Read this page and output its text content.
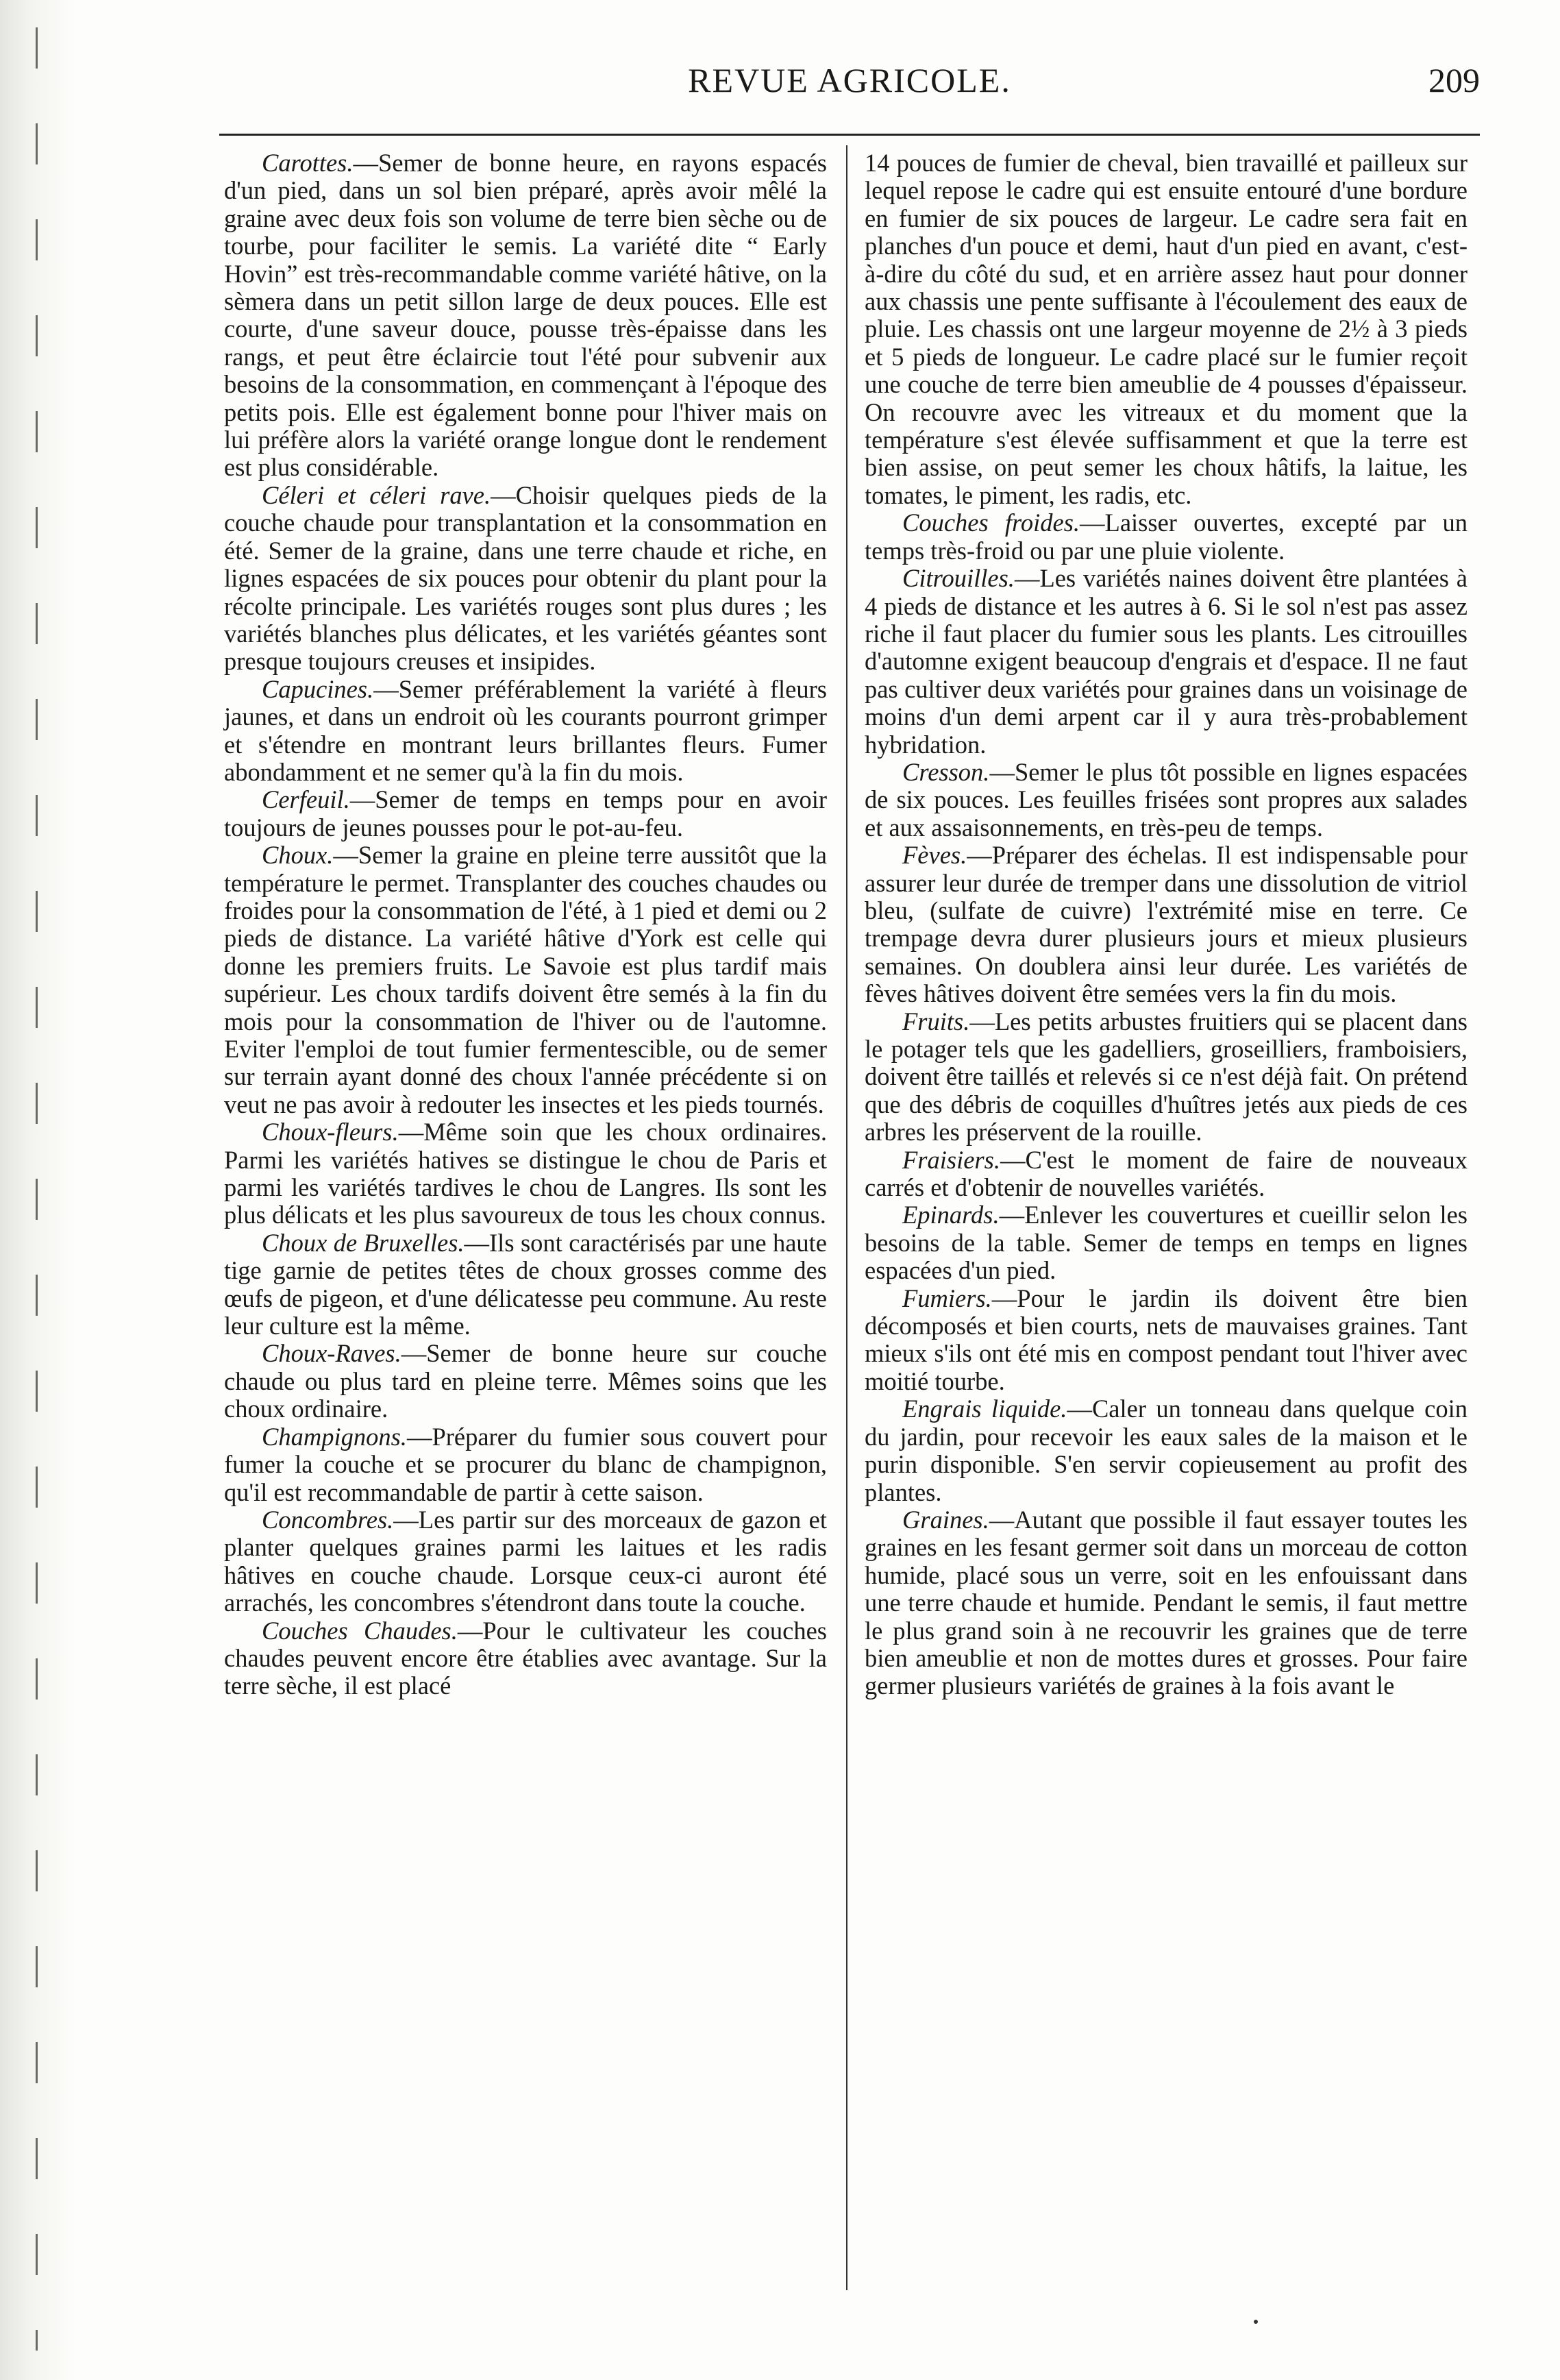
REVUE AGRICOLE.	209

Carottes.—Semer de bonne heure, en rayons espacés d'un pied, dans un sol bien préparé, après avoir mêlé la graine avec deux fois son volume de terre bien sèche ou de tourbe, pour faciliter le semis. La variété dite “ Early Hovin” est très-recommandable comme variété hâtive, on la sèmera dans un petit sillon large de deux pouces. Elle est courte, d'une saveur douce, pousse très-épaisse dans les rangs, et peut être éclaircie tout l'été pour subvenir aux besoins de la consommation, en commençant à l'époque des petits pois. Elle est également bonne pour l'hiver mais on lui préfère alors la variété orange longue dont le rendement est plus considérable.

Céleri et céleri rave.—Choisir quelques pieds de la couche chaude pour transplantation et la consommation en été. Semer de la graine, dans une terre chaude et riche, en lignes espacées de six pouces pour obtenir du plant pour la récolte principale. Les variétés rouges sont plus dures ; les variétés blanches plus délicates, et les variétés géantes sont presque toujours creuses et insipides.

Capucines.—Semer préférablement la variété à fleurs jaunes, et dans un endroit où les courants pourront grimper et s'étendre en montrant leurs brillantes fleurs. Fumer abondamment et ne semer qu'à la fin du mois.

Cerfeuil.—Semer de temps en temps pour en avoir toujours de jeunes pousses pour le pot-au-feu.

Choux.—Semer la graine en pleine terre aussitôt que la température le permet. Transplanter des couches chaudes ou froides pour la consommation de l'été, à 1 pied et demi ou 2 pieds de distance. La variété hâtive d'York est celle qui donne les premiers fruits. Le Savoie est plus tardif mais supérieur. Les choux tardifs doivent être semés à la fin du mois pour la consommation de l'hiver ou de l'automne. Eviter l'emploi de tout fumier fermentescible, ou de semer sur terrain ayant donné des choux l'année précédente si on veut ne pas avoir à redouter les insectes et les pieds tournés.

Choux-fleurs.—Même soin que les choux ordinaires. Parmi les variétés hatives se distingue le chou de Paris et parmi les variétés tardives le chou de Langres. Ils sont les plus délicats et les plus savoureux de tous les choux connus.

Choux de Bruxelles.—Ils sont caractérisés par une haute tige garnie de petites têtes de choux grosses comme des œufs de pigeon, et d'une délicatesse peu commune. Au reste leur culture est la même.

Choux-Raves.—Semer de bonne heure sur couche chaude ou plus tard en pleine terre. Mêmes soins que les choux ordinaire.

Champignons.—Préparer du fumier sous couvert pour fumer la couche et se procurer du blanc de champignon, qu'il est recommandable de partir à cette saison.

Concombres.—Les partir sur des morceaux de gazon et planter quelques graines parmi les laitues et les radis hâtives en couche chaude. Lorsque ceux-ci auront été arrachés, les concombres s'étendront dans toute la couche.

Couches Chaudes.—Pour le cultivateur les couches chaudes peuvent encore être établies avec avantage. Sur la terre sèche, il est placé

14 pouces de fumier de cheval, bien travaillé et pailleux sur lequel repose le cadre qui est ensuite entouré d'une bordure en fumier de six pouces de largeur. Le cadre sera fait en planches d'un pouce et demi, haut d'un pied en avant, c'est-à-dire du côté du sud, et en arrière assez haut pour donner aux chassis une pente suffisante à l'écoulement des eaux de pluie. Les chassis ont une largeur moyenne de 2½ à 3 pieds et 5 pieds de longueur. Le cadre placé sur le fumier reçoit une couche de terre bien ameublie de 4 pousses d'épaisseur. On recouvre avec les vitreaux et du moment que la température s'est élevée suffisamment et que la terre est bien assise, on peut semer les choux hâtifs, la laitue, les tomates, le piment, les radis, etc.

Couches froides.—Laisser ouvertes, excepté par un temps très-froid ou par une pluie violente.

Citrouilles.—Les variétés naines doivent être plantées à 4 pieds de distance et les autres à 6. Si le sol n'est pas assez riche il faut placer du fumier sous les plants. Les citrouilles d'automne exigent beaucoup d'engrais et d'espace. Il ne faut pas cultiver deux variétés pour graines dans un voisinage de moins d'un demi arpent car il y aura très-probablement hybridation.

Cresson.—Semer le plus tôt possible en lignes espacées de six pouces. Les feuilles frisées sont propres aux salades et aux assaisonnements, en très-peu de temps.

Fèves.—Préparer des échelas. Il est indispensable pour assurer leur durée de tremper dans une dissolution de vitriol bleu, (sulfate de cuivre) l'extrémité mise en terre. Ce trempage devra durer plusieurs jours et mieux plusieurs semaines. On doublera ainsi leur durée. Les variétés de fèves hâtives doivent être semées vers la fin du mois.

Fruits.—Les petits arbustes fruitiers qui se placent dans le potager tels que les gadelliers, groseilliers, framboisiers, doivent être taillés et relevés si ce n'est déjà fait. On prétend que des débris de coquilles d'huîtres jetés aux pieds de ces arbres les préservent de la rouille.

Fraisiers.—C'est le moment de faire de nouveaux carrés et d'obtenir de nouvelles variétés.

Epinards.—Enlever les couvertures et cueillir selon les besoins de la table. Semer de temps en temps en lignes espacées d'un pied.

Fumiers.—Pour le jardin ils doivent être bien décomposés et bien courts, nets de mauvaises graines. Tant mieux s'ils ont été mis en compost pendant tout l'hiver avec moitié tourbe.

Engrais liquide.—Caler un tonneau dans quelque coin du jardin, pour recevoir les eaux sales de la maison et le purin disponible. S'en servir copieusement au profit des plantes.

Graines.—Autant que possible il faut essayer toutes les graines en les fesant germer soit dans un morceau de cotton humide, placé sous un verre, soit en les enfouissant dans une terre chaude et humide. Pendant le semis, il faut mettre le plus grand soin à ne recouvrir les graines que de terre bien ameublie et non de mottes dures et grosses. Pour faire germer plusieurs variétés de graines à la fois avant le
